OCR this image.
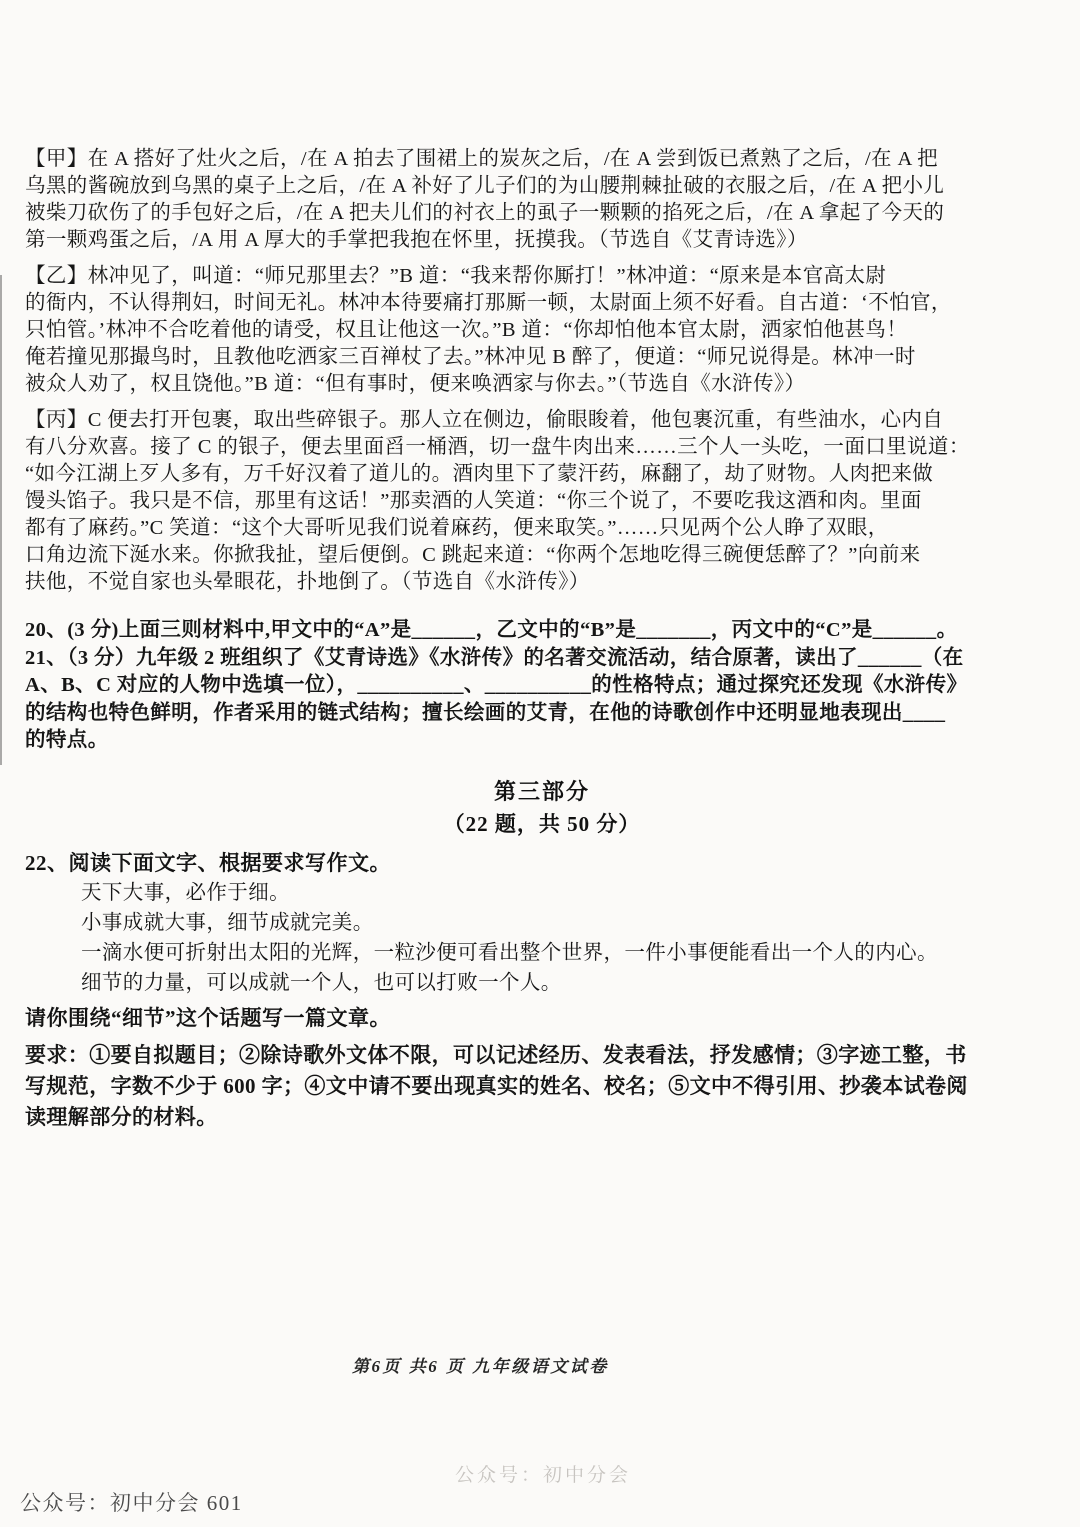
【甲】在 A 搭好了灶火之后，/在 A 拍去了围裙上的炭灰之后，/在 A 尝到饭已煮熟了之后，/在 A 把
乌黑的酱碗放到乌黑的桌子上之后，/在 A 补好了儿子们的为山腰荆棘扯破的衣服之后，/在 A 把小儿
被柴刀砍伤了的手包好之后，/在 A 把夫儿们的衬衣上的虱子一颗颗的掐死之后，/在 A 拿起了今天的
第一颗鸡蛋之后，/A 用 A 厚大的手掌把我抱在怀里，抚摸我。（节选自《艾青诗选》）
【乙】林冲见了，叫道：“师兄那里去？”B 道：“我来帮你厮打！”林冲道：“原来是本官高太尉
的衙内，不认得荆妇，时间无礼。林冲本待要痛打那厮一顿，太尉面上须不好看。自古道：‘不怕官，
只怕管。’林冲不合吃着他的请受，权且让他这一次。”B 道：“你却怕他本官太尉，洒家怕他甚鸟！
俺若撞见那撮鸟时，且教他吃洒家三百禅杖了去。”林冲见 B 醉了，便道：“师兄说得是。林冲一时
被众人劝了，权且饶他。”B 道：“但有事时，便来唤洒家与你去。”（节选自《水浒传》）
【丙】C 便去打开包裹，取出些碎银子。那人立在侧边，偷眼睃着，他包裹沉重，有些油水，心内自
有八分欢喜。接了 C 的银子，便去里面舀一桶酒，切一盘牛肉出来……三个人一头吃，一面口里说道：
“如今江湖上歹人多有，万千好汉着了道儿的。酒肉里下了蒙汗药，麻翻了，劫了财物。人肉把来做
馒头馅子。我只是不信，那里有这话！”那卖酒的人笑道：“你三个说了，不要吃我这酒和肉。里面
都有了麻药。”C 笑道：“这个大哥听见我们说着麻药，便来取笑。”……只见两个公人睁了双眼，
口角边流下涎水来。你掀我扯，望后便倒。C 跳起来道：“你两个怎地吃得三碗便恁醉了？”向前来
扶他，不觉自家也头晕眼花，扑地倒了。（节选自《水浒传》）
20、(3 分)上面三则材料中,甲文中的“A”是______，乙文中的“B”是_______，丙文中的“C”是______。
21、（3 分）九年级 2 班组织了《艾青诗选》《水浒传》的名著交流活动，结合原著，读出了______（在
A、B、C 对应的人物中选填一位），__________、__________的性格特点；通过探究还发现《水浒传》
的结构也特色鲜明，作者采用的链式结构；擅长绘画的艾青，在他的诗歌创作中还明显地表现出____
的特点。
第三部分
（22 题，共 50 分）
22、阅读下面文字、根据要求写作文。
天下大事，必作于细。
小事成就大事，细节成就完美。
一滴水便可折射出太阳的光辉，一粒沙便可看出整个世界，一件小事便能看出一个人的内心。
细节的力量，可以成就一个人，也可以打败一个人。
请你围绕“细节”这个话题写一篇文章。
要求：①要自拟题目；②除诗歌外文体不限，可以记述经历、发表看法，抒发感情；③字迹工整，书
写规范，字数不少于 600 字；④文中请不要出现真实的姓名、校名；⑤文中不得引用、抄袭本试卷阅
读理解部分的材料。
第6页 共6 页 九年级语文试卷
公众号：初中分会
公众号：初中分会 601
